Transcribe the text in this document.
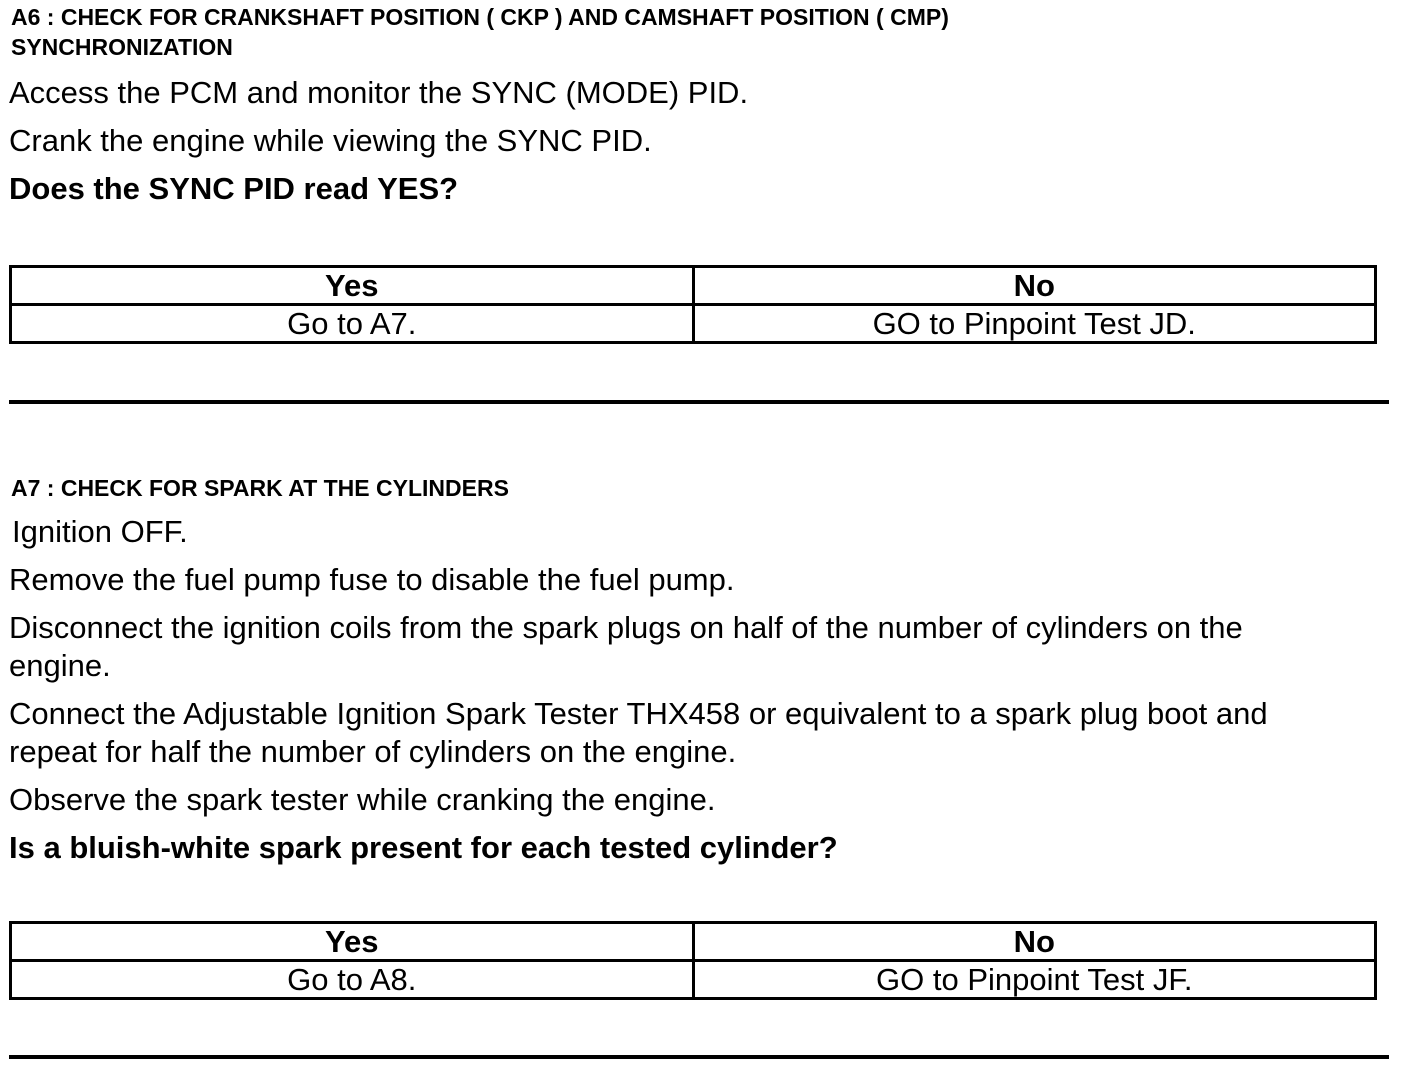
A6 : CHECK FOR CRANKSHAFT POSITION ( CKP ) AND CAMSHAFT POSITION ( CMP)

SYNCHRONIZATION

Access the PCM and monitor the SYNC (MODE) PID.

Crank the engine while viewing the SYNC PID.

Does the SYNC PID read YES?

Yes	No
Go to A7.	GO to Pinpoint Test JD.

A7 : CHECK FOR SPARK AT THE CYLINDERS

Ignition OFF.

Remove the fuel pump fuse to disable the fuel pump.

Disconnect the ignition coils from the spark plugs on half of the number of cylinders on the

engine.

Connect the Adjustable Ignition Spark Tester THX458 or equivalent to a spark plug boot and

repeat for half the number of cylinders on the engine.

Observe the spark tester while cranking the engine.

Is a bluish-white spark present for each tested cylinder?

Yes	No
Go to A8.	GO to Pinpoint Test JF.
